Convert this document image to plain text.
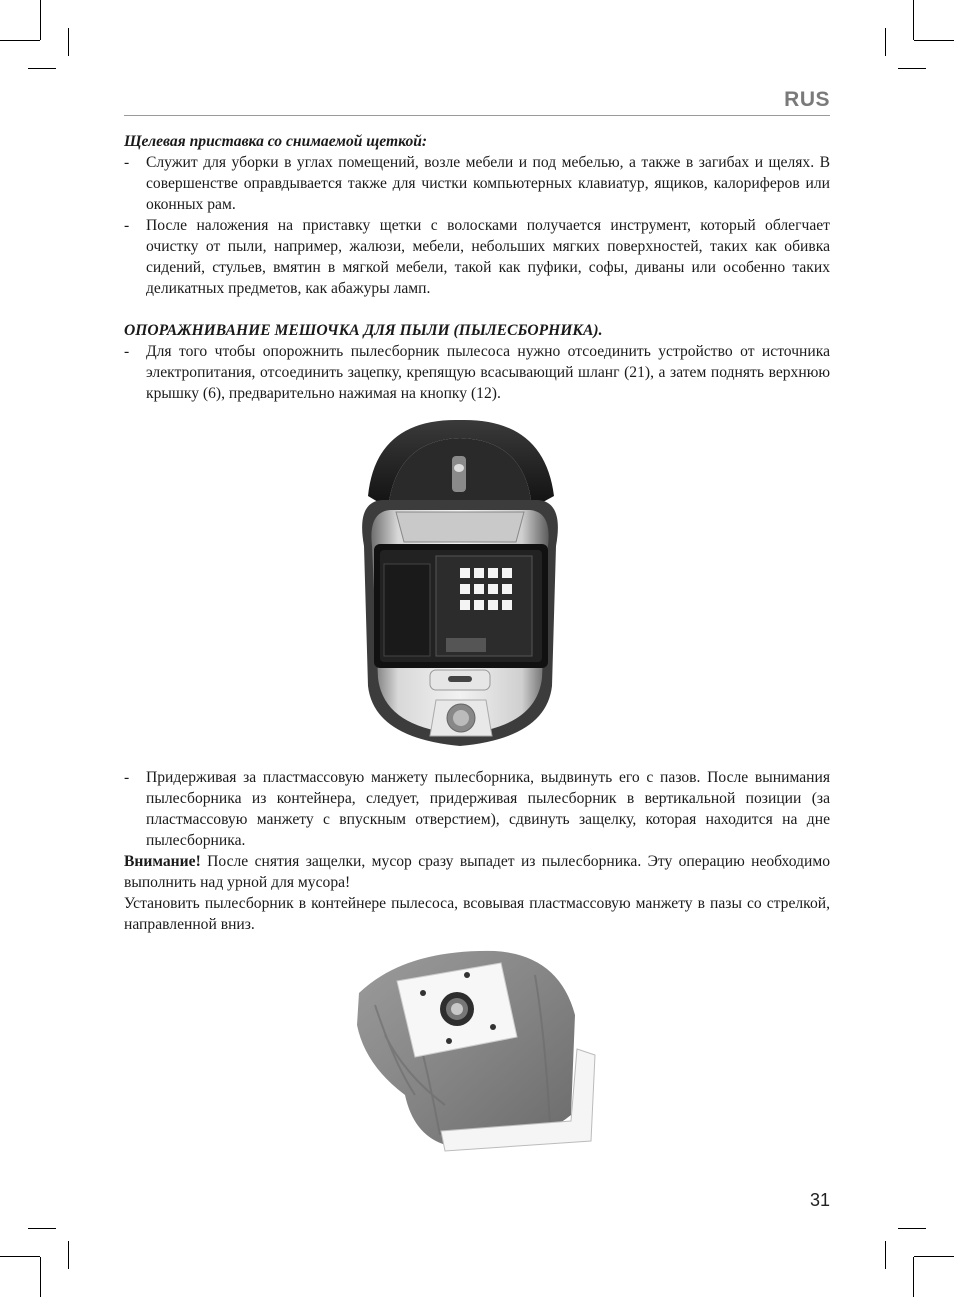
RUS

Щелевая приставка со снимаемой щеткой:

- Служит для уборки в углах помещений, возле мебели и под мебелью, а также в загибах и щелях. В совершенстве оправдывается также для чистки компьютерных клавиатур, ящиков, калориферов или оконных рам.
- После наложения на приставку щетки с волосками получается инструмент, который облегчает очистку от пыли, например, жалюзи, мебели, небольших мягких поверхностей, таких как обивка сидений, стульев, вмятин в мягкой мебели, такой как пуфики, софы, диваны или особенно таких деликатных предметов, как абажуры ламп.

ОПОРАЖНИВАНИЕ МЕШОЧКА ДЛЯ ПЫЛИ (ПЫЛЕСБОРНИКА).

- Для того чтобы опорожнить пылесборник пылесоса нужно отсоединить устройство от источника электропитания, отсоединить зацепку, крепящую всасывающий шланг (21), а затем поднять верхнюю крышку (6), предварительно нажимая на кнопку (12).
- Придерживая за пластмассовую манжету пылесборника, выдвинуть его с пазов. После вынимания пылесборника из контейнера, следует, придерживая пылесборник в вертикальной позиции (за пластмассовую манжету с впускным отверстием), сдвинуть защелку, которая находится на дне пылесборника.

Внимание! После снятия защелки, мусор сразу выпадет из пылесборника. Эту операцию необходимо выполнить над урной для мусора!

Установить пылесборник в контейнере пылесоса, всовывая пластмассовую манжету в пазы со стрелкой, направленной вниз.

31
